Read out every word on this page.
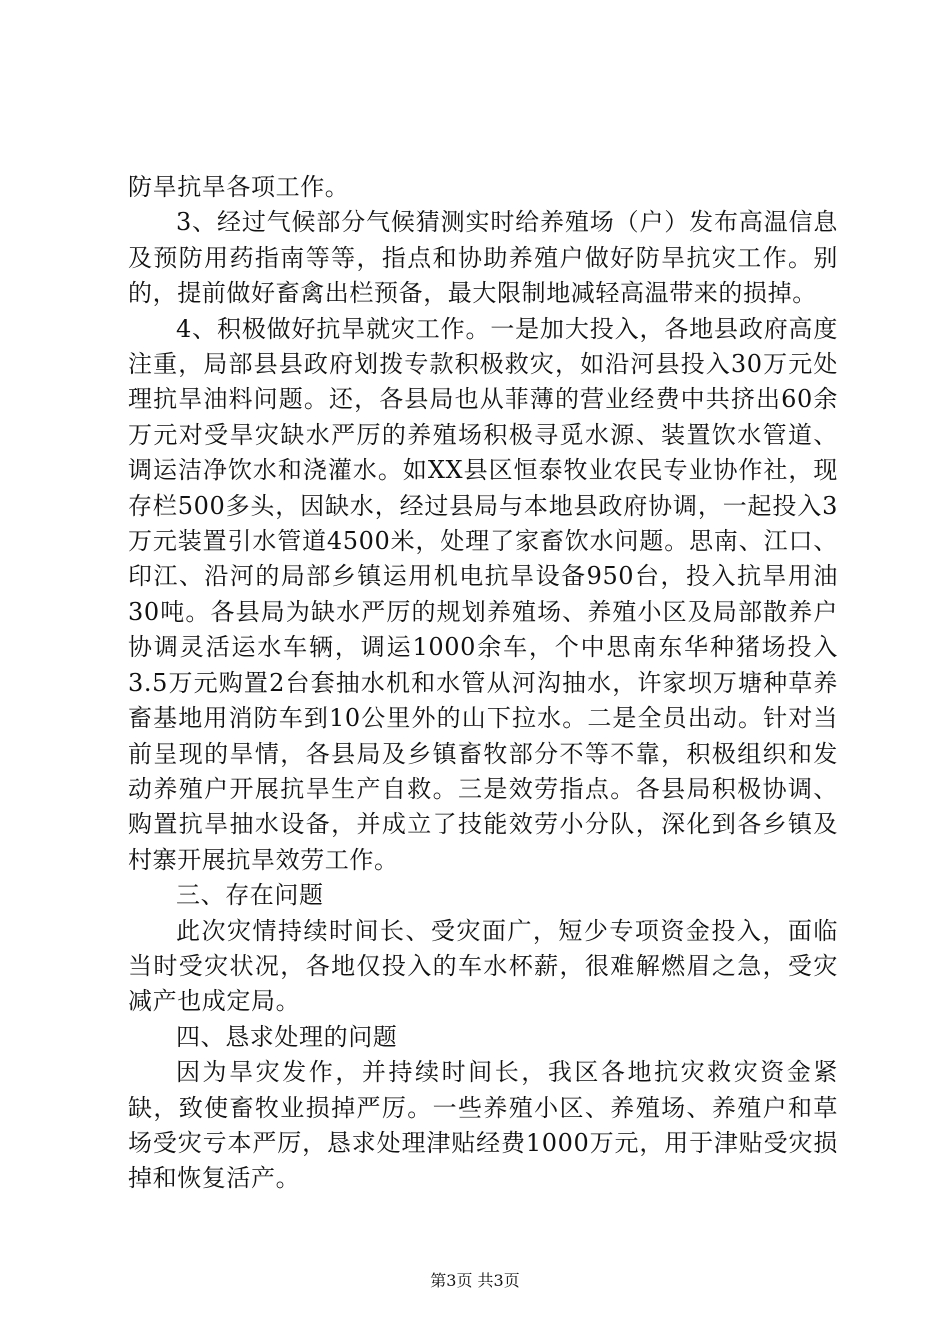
防旱抗旱各项工作。

3、经过气候部分气候猜测实时给养殖场（户）发布高温信息及预防用药指南等等，指点和协助养殖户做好防旱抗灾工作。别的，提前做好畜禽出栏预备，最大限制地减轻高温带来的损掉。

4、积极做好抗旱就灾工作。一是加大投入，各地县政府高度注重，局部县县政府划拨专款积极救灾，如沿河县投入30万元处理抗旱油料问题。还，各县局也从菲薄的营业经费中共挤出60余万元对受旱灾缺水严厉的养殖场积极寻觅水源、装置饮水管道、调运洁净饮水和浇灌水。如XX县区恒泰牧业农民专业协作社，现存栏500多头，因缺水，经过县局与本地县政府协调，一起投入3万元装置引水管道4500米，处理了家畜饮水问题。思南、江口、印江、沿河的局部乡镇运用机电抗旱设备950台，投入抗旱用油30吨。各县局为缺水严厉的规划养殖场、养殖小区及局部散养户协调灵活运水车辆，调运1000余车，个中思南东华种猪场投入3.5万元购置2台套抽水机和水管从河沟抽水，许家坝万塘种草养畜基地用消防车到10公里外的山下拉水。二是全员出动。针对当前呈现的旱情，各县局及乡镇畜牧部分不等不靠，积极组织和发动养殖户开展抗旱生产自救。三是效劳指点。各县局积极协调、购置抗旱抽水设备，并成立了技能效劳小分队，深化到各乡镇及村寨开展抗旱效劳工作。

三、存在问题

此次灾情持续时间长、受灾面广，短少专项资金投入，面临当时受灾状况，各地仅投入的车水杯薪，很难解燃眉之急，受灾减产也成定局。

四、恳求处理的问题

因为旱灾发作，并持续时间长，我区各地抗灾救灾资金紧缺，致使畜牧业损掉严厉。一些养殖小区、养殖场、养殖户和草场受灾亏本严厉，恳求处理津贴经费1000万元，用于津贴受灾损掉和恢复活产。

第3页 共3页
